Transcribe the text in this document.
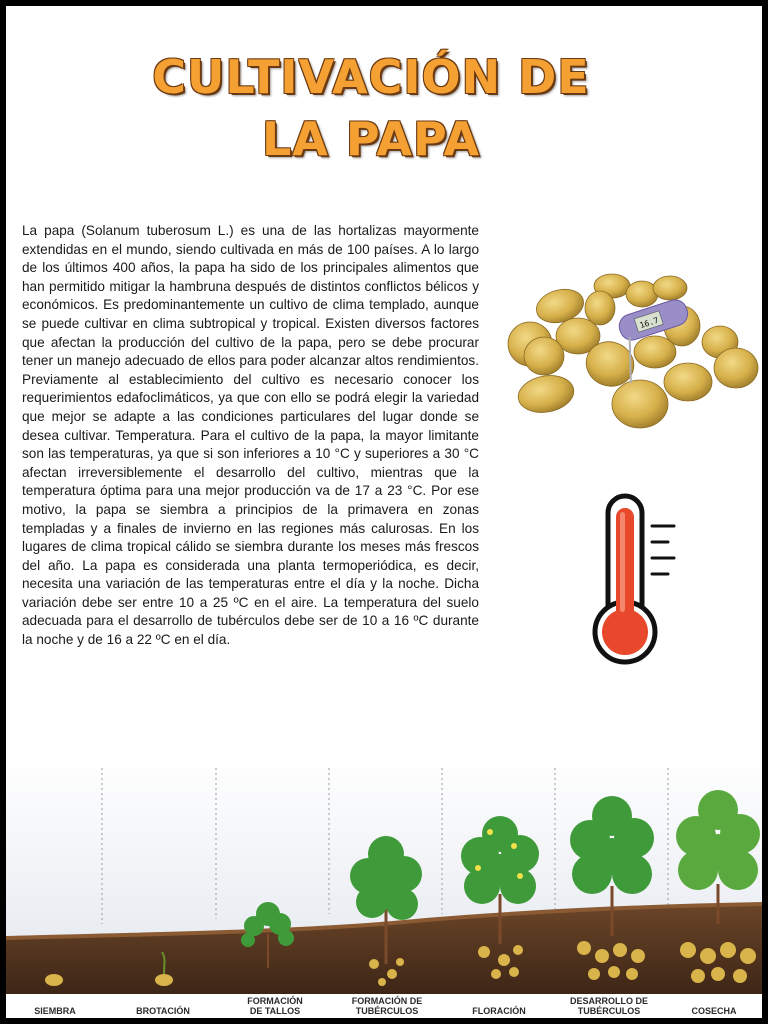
CULTIVACIÓN DE
LA PAPA

La papa (Solanum tuberosum L.) es una de las hortalizas mayormente extendidas en el mundo, siendo cultivada en más de 100 países. A lo largo de los últimos 400 años, la papa ha sido de los principales alimentos que han permitido mitigar la hambruna después de distintos conflictos bélicos y económicos. Es predominantemente un cultivo de clima templado, aunque se puede cultivar en clima subtropical y tropical. Existen diversos factores que afectan la producción del cultivo de la papa, pero se debe procurar tener un manejo adecuado de ellos para poder alcanzar altos rendimientos. Previamente al establecimiento del cultivo es necesario conocer los requerimientos edafoclimáticos, ya que con ello se podrá elegir la variedad que mejor se adapte a las condiciones particulares del lugar donde se desea cultivar. Temperatura. Para el cultivo de la papa, la mayor limitante son las temperaturas, ya que si son inferiores a 10 °C y superiores a 30 °C afectan irreversiblemente el desarrollo del cultivo, mientras que la temperatura óptima para una mejor producción va de 17 a 23 °C. Por ese motivo, la papa se siembra a principios de la primavera en zonas templadas y a finales de invierno en las regiones más calurosas. En los lugares de clima tropical cálido se siembra durante los meses más frescos del año. La papa es considerada una planta termoperiódica, es decir, necesita una variación de las temperaturas entre el día y la noche. Dicha variación debe ser entre 10 a 25 ºC en el aire. La temperatura del suelo adecuada para el desarrollo de tubérculos debe ser de 10 a 16 ºC durante la noche y de 16 a 22 ºC en el día.

16.7
SIEMBRA	BROTACIÓN
FORMACIÓN
DE TALLOS
FORMACIÓN DE
TUBÉRCULOS	FLORACIÓN
DESARROLLO DE
TUBÉRCULOS	COSECHA
